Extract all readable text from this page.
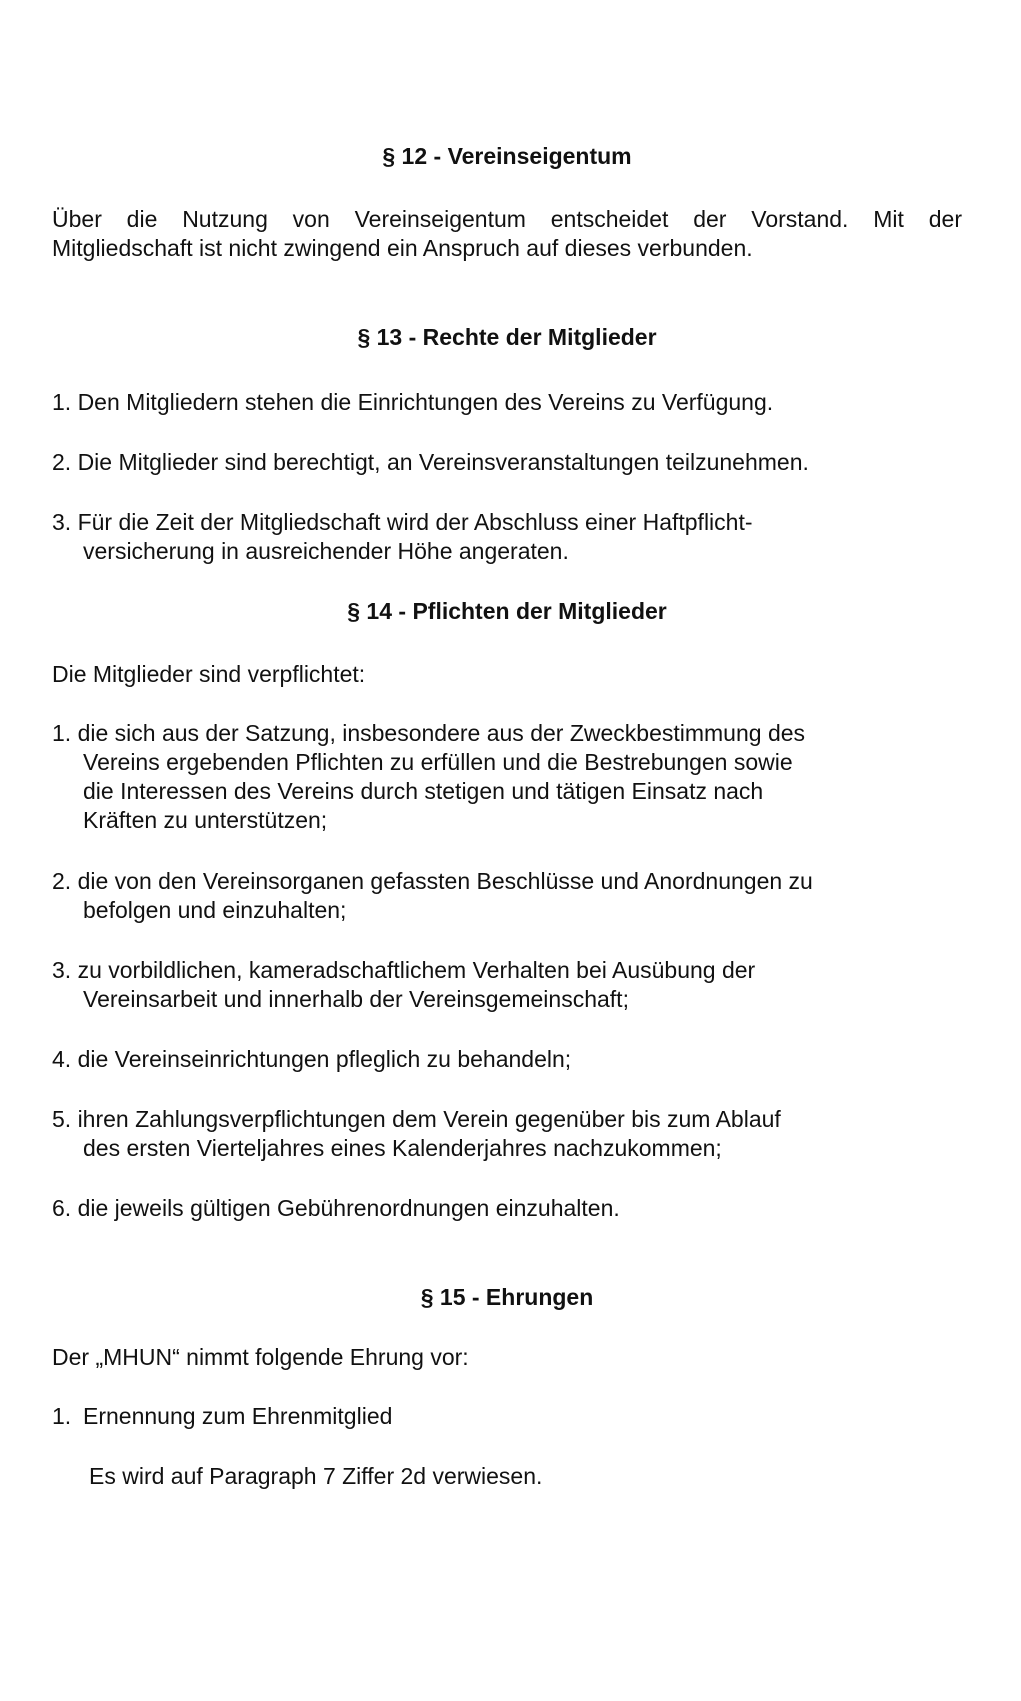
§ 12 - Vereinseigentum
Über die Nutzung von Vereinseigentum entscheidet der Vorstand. Mit der
Mitgliedschaft ist nicht zwingend ein Anspruch auf dieses verbunden.
§ 13 - Rechte der Mitglieder
1. Den Mitgliedern stehen die Einrichtungen des Vereins zu Verfügung.
2. Die Mitglieder sind berechtigt, an Vereinsveranstaltungen teilzunehmen.
3. Für die Zeit der Mitgliedschaft wird der Abschluss einer Haftpflicht-
versicherung in ausreichender Höhe angeraten.
§ 14 - Pflichten der Mitglieder
Die Mitglieder sind verpflichtet:
1. die sich aus der Satzung, insbesondere aus der Zweckbestimmung des
Vereins ergebenden Pflichten zu erfüllen und die Bestrebungen sowie
die Interessen des Vereins durch stetigen und tätigen Einsatz nach
Kräften zu unterstützen;
2. die von den Vereinsorganen gefassten Beschlüsse und Anordnungen zu
befolgen und einzuhalten;
3. zu vorbildlichen, kameradschaftlichem Verhalten bei Ausübung der
Vereinsarbeit und innerhalb der Vereinsgemeinschaft;
4. die Vereinseinrichtungen pfleglich zu behandeln;
5. ihren Zahlungsverpflichtungen dem Verein gegenüber bis zum Ablauf
des ersten Vierteljahres eines Kalenderjahres nachzukommen;
6. die jeweils gültigen Gebührenordnungen einzuhalten.
§ 15 - Ehrungen
Der „MHUN“ nimmt folgende Ehrung vor:
1. Ernennung zum Ehrenmitglied
Es wird auf Paragraph 7 Ziffer 2d verwiesen.
